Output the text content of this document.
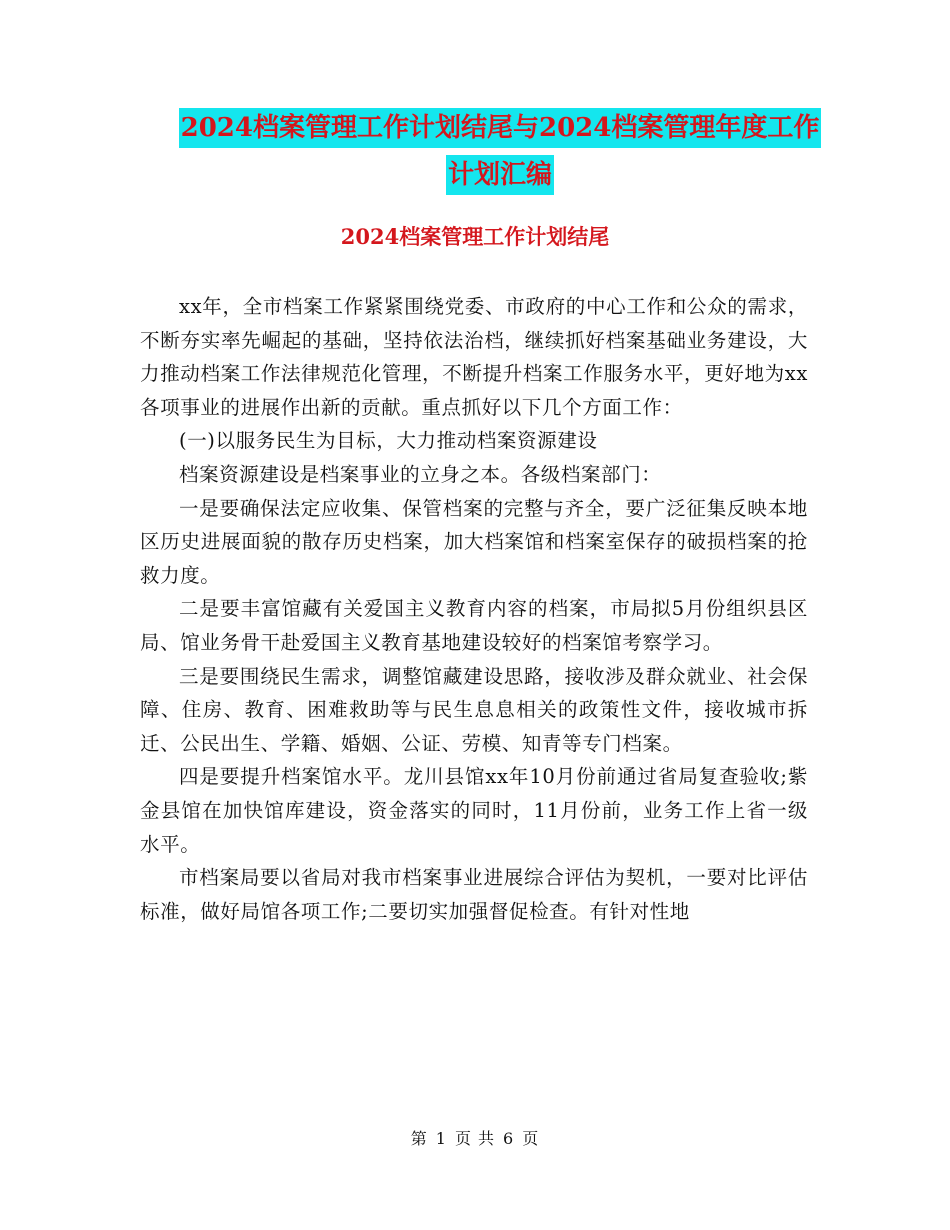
2024档案管理工作计划结尾与2024档案管理年度工作
计划汇编
2024档案管理工作计划结尾

xx年，全市档案工作紧紧围绕党委、市政府的中心工作和公众的需求，不断夯实率先崛起的基础，坚持依法治档，继续抓好档案基础业务建设，大力推动档案工作法律规范化管理，不断提升档案工作服务水平，更好地为xx各项事业的进展作出新的贡献。重点抓好以下几个方面工作：

(一)以服务民生为目标，大力推动档案资源建设

档案资源建设是档案事业的立身之本。各级档案部门：

一是要确保法定应收集、保管档案的完整与齐全，要广泛征集反映本地区历史进展面貌的散存历史档案，加大档案馆和档案室保存的破损档案的抢救力度。

二是要丰富馆藏有关爱国主义教育内容的档案，市局拟5月份组织县区局、馆业务骨干赴爱国主义教育基地建设较好的档案馆考察学习。

三是要围绕民生需求，调整馆藏建设思路，接收涉及群众就业、社会保障、住房、教育、困难救助等与民生息息相关的政策性文件，接收城市拆迁、公民出生、学籍、婚姻、公证、劳模、知青等专门档案。

四是要提升档案馆水平。龙川县馆xx年10月份前通过省局复查验收;紫金县馆在加快馆库建设，资金落实的同时，11月份前，业务工作上省一级水平。

市档案局要以省局对我市档案事业进展综合评估为契机，一要对比评估标准，做好局馆各项工作;二要切实加强督促检查。有针对性地

第 1 页 共 6 页
